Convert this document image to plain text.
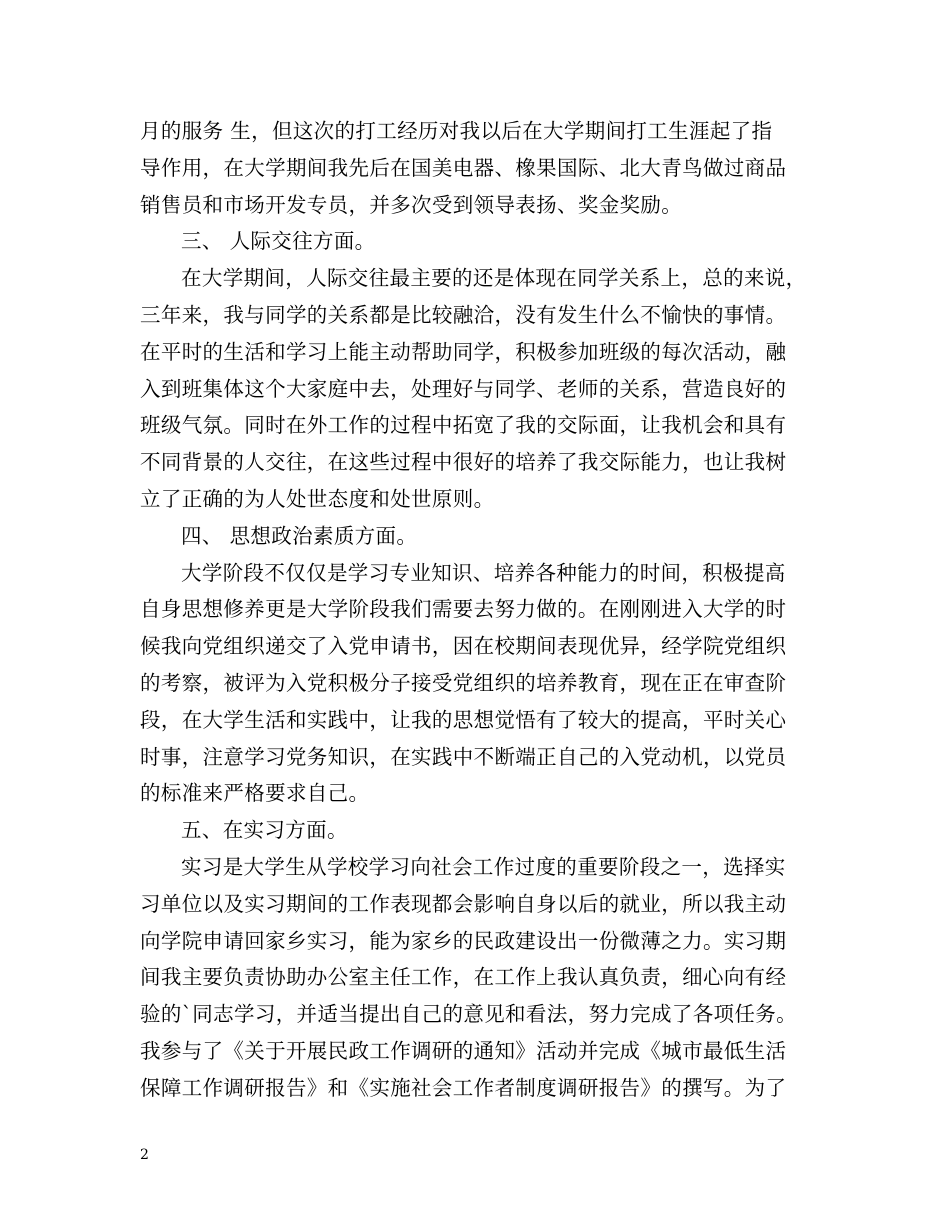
月的服务 生，但这次的打工经历对我以后在大学期间打工生涯起了指
导作用，在大学期间我先后在国美电器、橡果国际、北大青鸟做过商品
销售员和市场开发专员，并多次受到领导表扬、奖金奖励。
三、 人际交往方面。
在大学期间，人际交往最主要的还是体现在同学关系上，总的来说，
三年来，我与同学的关系都是比较融洽，没有发生什么不愉快的事情。
在平时的生活和学习上能主动帮助同学，积极参加班级的每次活动，融
入到班集体这个大家庭中去，处理好与同学、老师的关系，营造良好的
班级气氛。同时在外工作的过程中拓宽了我的交际面，让我机会和具有
不同背景的人交往，在这些过程中很好的培养了我交际能力，也让我树
立了正确的为人处世态度和处世原则。
四、 思想政治素质方面。
大学阶段不仅仅是学习专业知识、培养各种能力的时间，积极提高
自身思想修养更是大学阶段我们需要去努力做的。在刚刚进入大学的时
候我向党组织递交了入党申请书，因在校期间表现优异，经学院党组织
的考察，被评为入党积极分子接受党组织的培养教育，现在正在审查阶
段，在大学生活和实践中，让我的思想觉悟有了较大的提高，平时关心
时事，注意学习党务知识，在实践中不断端正自己的入党动机，以党员
的标准来严格要求自己。
五、在实习方面。
实习是大学生从学校学习向社会工作过度的重要阶段之一，选择实
习单位以及实习期间的工作表现都会影响自身以后的就业，所以我主动
向学院申请回家乡实习，能为家乡的民政建设出一份微薄之力。实习期
间我主要负责协助办公室主任工作，在工作上我认真负责，细心向有经
验的`同志学习，并适当提出自己的意见和看法，努力完成了各项任务。
我参与了《关于开展民政工作调研的通知》活动并完成《城市最低生活
保障工作调研报告》和《实施社会工作者制度调研报告》的撰写。为了
2
